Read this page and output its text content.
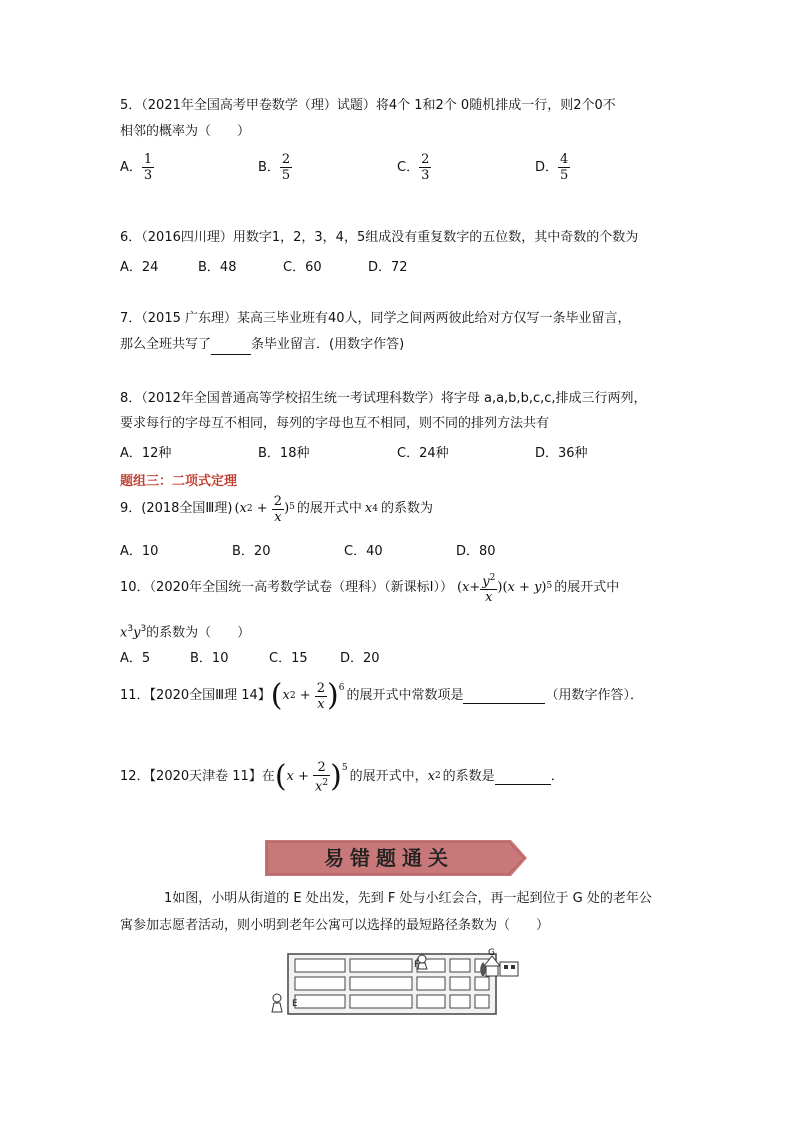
5．（2021年全国高考甲卷数学（理）试题）将4个 1和2个 0随机排成一行，则2个0不
相邻的概率为（　　）
A． $\frac{1}{3}$	B． $\frac{2}{5}$	C． $\frac{2}{3}$	D． $\frac{4}{5}$
6．（2016四川理）用数字1，2，3，4，5组成没有重复数字的五位数，其中奇数的个数为
A．24	B．48	C．60	D．72
7．（2015 广东理）某高三毕业班有40人，同学之间两两彼此给对方仅写一条毕业留言，
那么全班共写了	条毕业留言．(用数字作答)
8．（2012年全国普通高等学校招生统一考试理科数学）将字母 a,a,b,b,c,c,排成三行两列，
要求每行的字母互不相同，每列的字母也互不相同，则不同的排列方法共有
A．12种	B．18种	C．24种	D．36种
题组三：二项式定理
9．(2018全国Ⅲ理) ( x $2 + \frac{2}{x}$ ) 5 的展开式中 x 4 的系数为
A．10	B．20	C．40	D．80
10．（2020年全国统一高考数学试卷（理科）（新课标Ⅰ）） ( $x + \frac{y^2}{x}$ )( x + y ) 5 的展开式中
$x^3y^3$的系数为（　　）
A．5	B．10	C．15 D．20
11．【2020全国Ⅲ理 14】 ( x $2 + \frac{2}{x} )^6$ 的展开式中常数项是	（用数字作答）．
12．【2020天津卷 11】在 ( $x + \frac{2}{x^2} )^5$
的展开式中， x 2 的系数是	．
易错题通关
1如图，小明从街道的 E 处出发，先到 F 处与小红会合，再一起到位于 G 处的老年公
寓参加志愿者活动，则小明到老年公寓可以选择的最短路径条数为（　　）
E
F
G
